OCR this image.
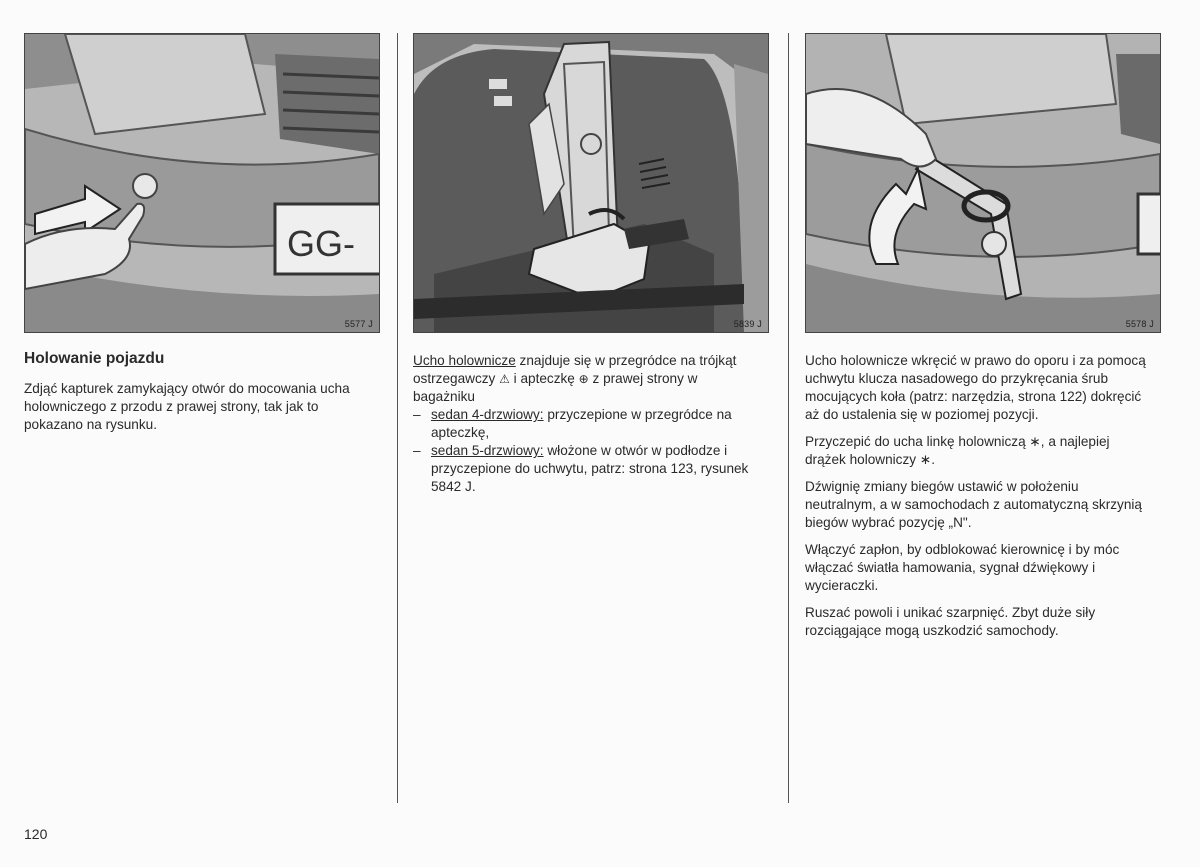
GG-
5577 J	5839 J	5578 J
Holowanie pojazdu

Zdjąć kapturek zamykający otwór do mocowania ucha holowniczego z przodu z prawej strony, tak jak to pokazano na rysunku.

Ucho holownicze znajduje się w przegródce na trójkąt ostrzegawczy ⚠ i apteczkę ⊕ z prawej strony w bagażniku

– sedan 4-drzwiowy: przyczepione w przegródce na apteczkę,
– sedan 5-drzwiowy: włożone w otwór w podłodze i przyczepione do uchwytu, patrz: strona 123, rysunek 5842 J.

Ucho holownicze wkręcić w prawo do oporu i za pomocą uchwytu klucza nasadowego do przykręcania śrub mocujących koła (patrz: narzędzia, strona 122) dokręcić aż do ustalenia się w poziomej pozycji.

Przyczepić do ucha linkę holowniczą ∗, a najlepiej drążek holowniczy ∗.

Dźwignię zmiany biegów ustawić w położeniu neutralnym, a w samochodach z automatyczną skrzynią biegów wybrać pozycję „N".

Włączyć zapłon, by odblokować kierownicę i by móc włączać światła hamowania, sygnał dźwiękowy i wycieraczki.

Ruszać powoli i unikać szarpnięć. Zbyt duże siły rozciągające mogą uszkodzić samochody.

120
